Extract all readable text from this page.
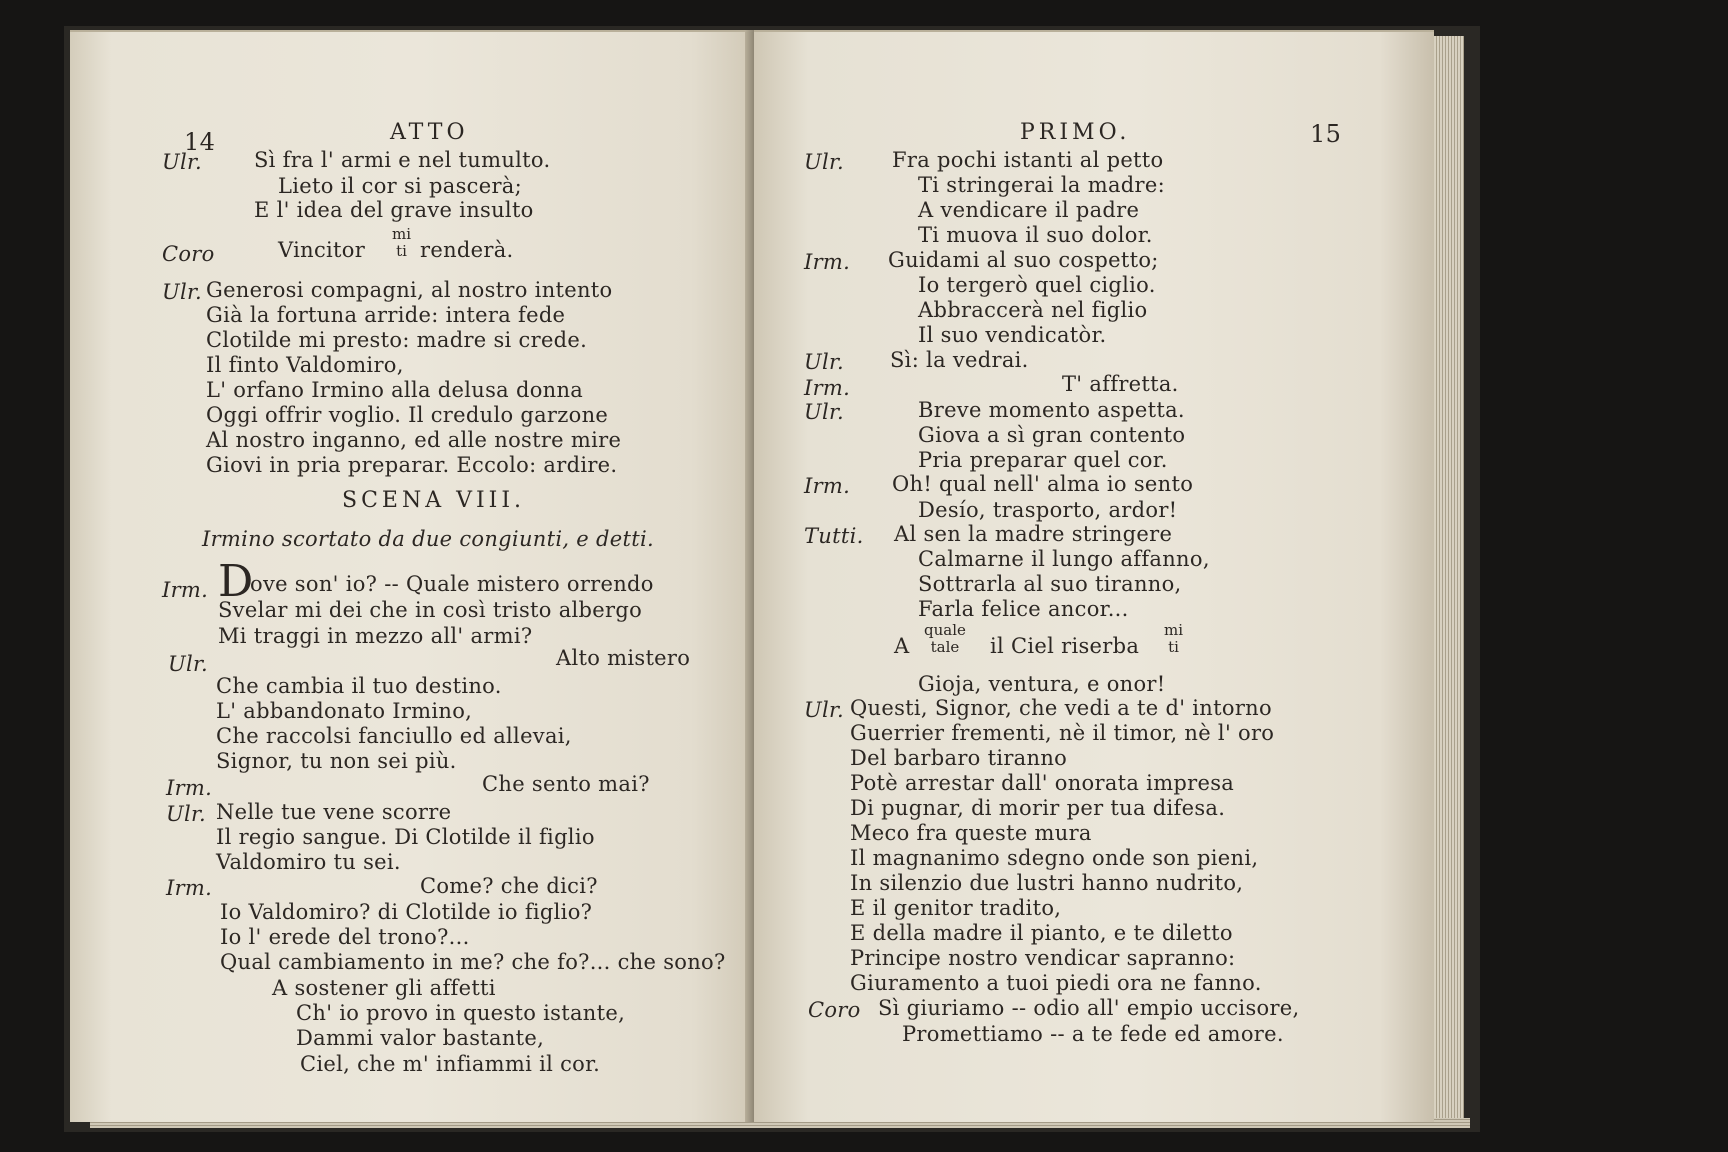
14	ATTO
Ulr. Sì fra l' armi e nel tumulto.
Lieto il cor si pascerà;
E l' idea del grave insulto
Coro	Vincitor
mi
ti renderà.
Ulr. Generosi compagni, al nostro intento
Già la fortuna arride: intera fede
Clotilde mi presto: madre si crede.
Il finto Valdomiro,
L' orfano Irmino alla delusa donna
Oggi offrir voglio. Il credulo garzone
Al nostro inganno, ed alle nostre mire
Giovi in pria preparar. Eccolo: ardire.
SCENA VIII.
Irmino scortato da due congiunti, e detti.
Irm. D
ove son' io? -- Quale mistero orrendo
Svelar mi dei che in così tristo albergo
Mi traggi in mezzo all' armi?
Ulr.	Alto mistero
Che cambia il tuo destino.
L' abbandonato Irmino,
Che raccolsi fanciullo ed allevai,
Signor, tu non sei più.
Irm.	Che sento mai?
Ulr. Nelle tue vene scorre
Il regio sangue. Di Clotilde il figlio
Valdomiro tu sei.
Irm.	Come? che dici?
Io Valdomiro? di Clotilde io figlio?
Io l' erede del trono?...
Qual cambiamento in me? che fo?... che sono?
A sostener gli affetti
Ch' io provo in questo istante,
Dammi valor bastante,
Ciel, che m' infiammi il cor.
PRIMO.	15
Ulr. Fra pochi istanti al petto
Ti stringerai la madre:
A vendicare il padre
Ti muova il suo dolor.
Irm. Guidami al suo cospetto;
Io tergerò quel ciglio.
Abbraccerà nel figlio
Il suo vendicatòr.
Ulr. Sì: la vedrai.
Irm.	T' affretta.
Ulr.	Breve momento aspetta.
Giova a sì gran contento
Pria preparar quel cor.
Irm. Oh! qual nell' alma io sento
Desío, trasporto, ardor!
Tutti. Al sen la madre stringere
Calmarne il lungo affanno,
Sottrarla al suo tiranno,
Farla felice ancor...
A
quale
tale il Ciel riserba
mi
ti
Gioja, ventura, e onor!
Ulr. Questi, Signor, che vedi a te d' intorno
Guerrier frementi, nè il timor, nè l' oro
Del barbaro tiranno
Potè arrestar dall' onorata impresa
Di pugnar, di morir per tua difesa.
Meco fra queste mura
Il magnanimo sdegno onde son pieni,
In silenzio due lustri hanno nudrito,
E il genitor tradito,
E della madre il pianto, e te diletto
Principe nostro vendicar sapranno:
Giuramento a tuoi piedi ora ne fanno.
Coro Sì giuriamo -- odio all' empio uccisore,
Promettiamo -- a te fede ed amore.
